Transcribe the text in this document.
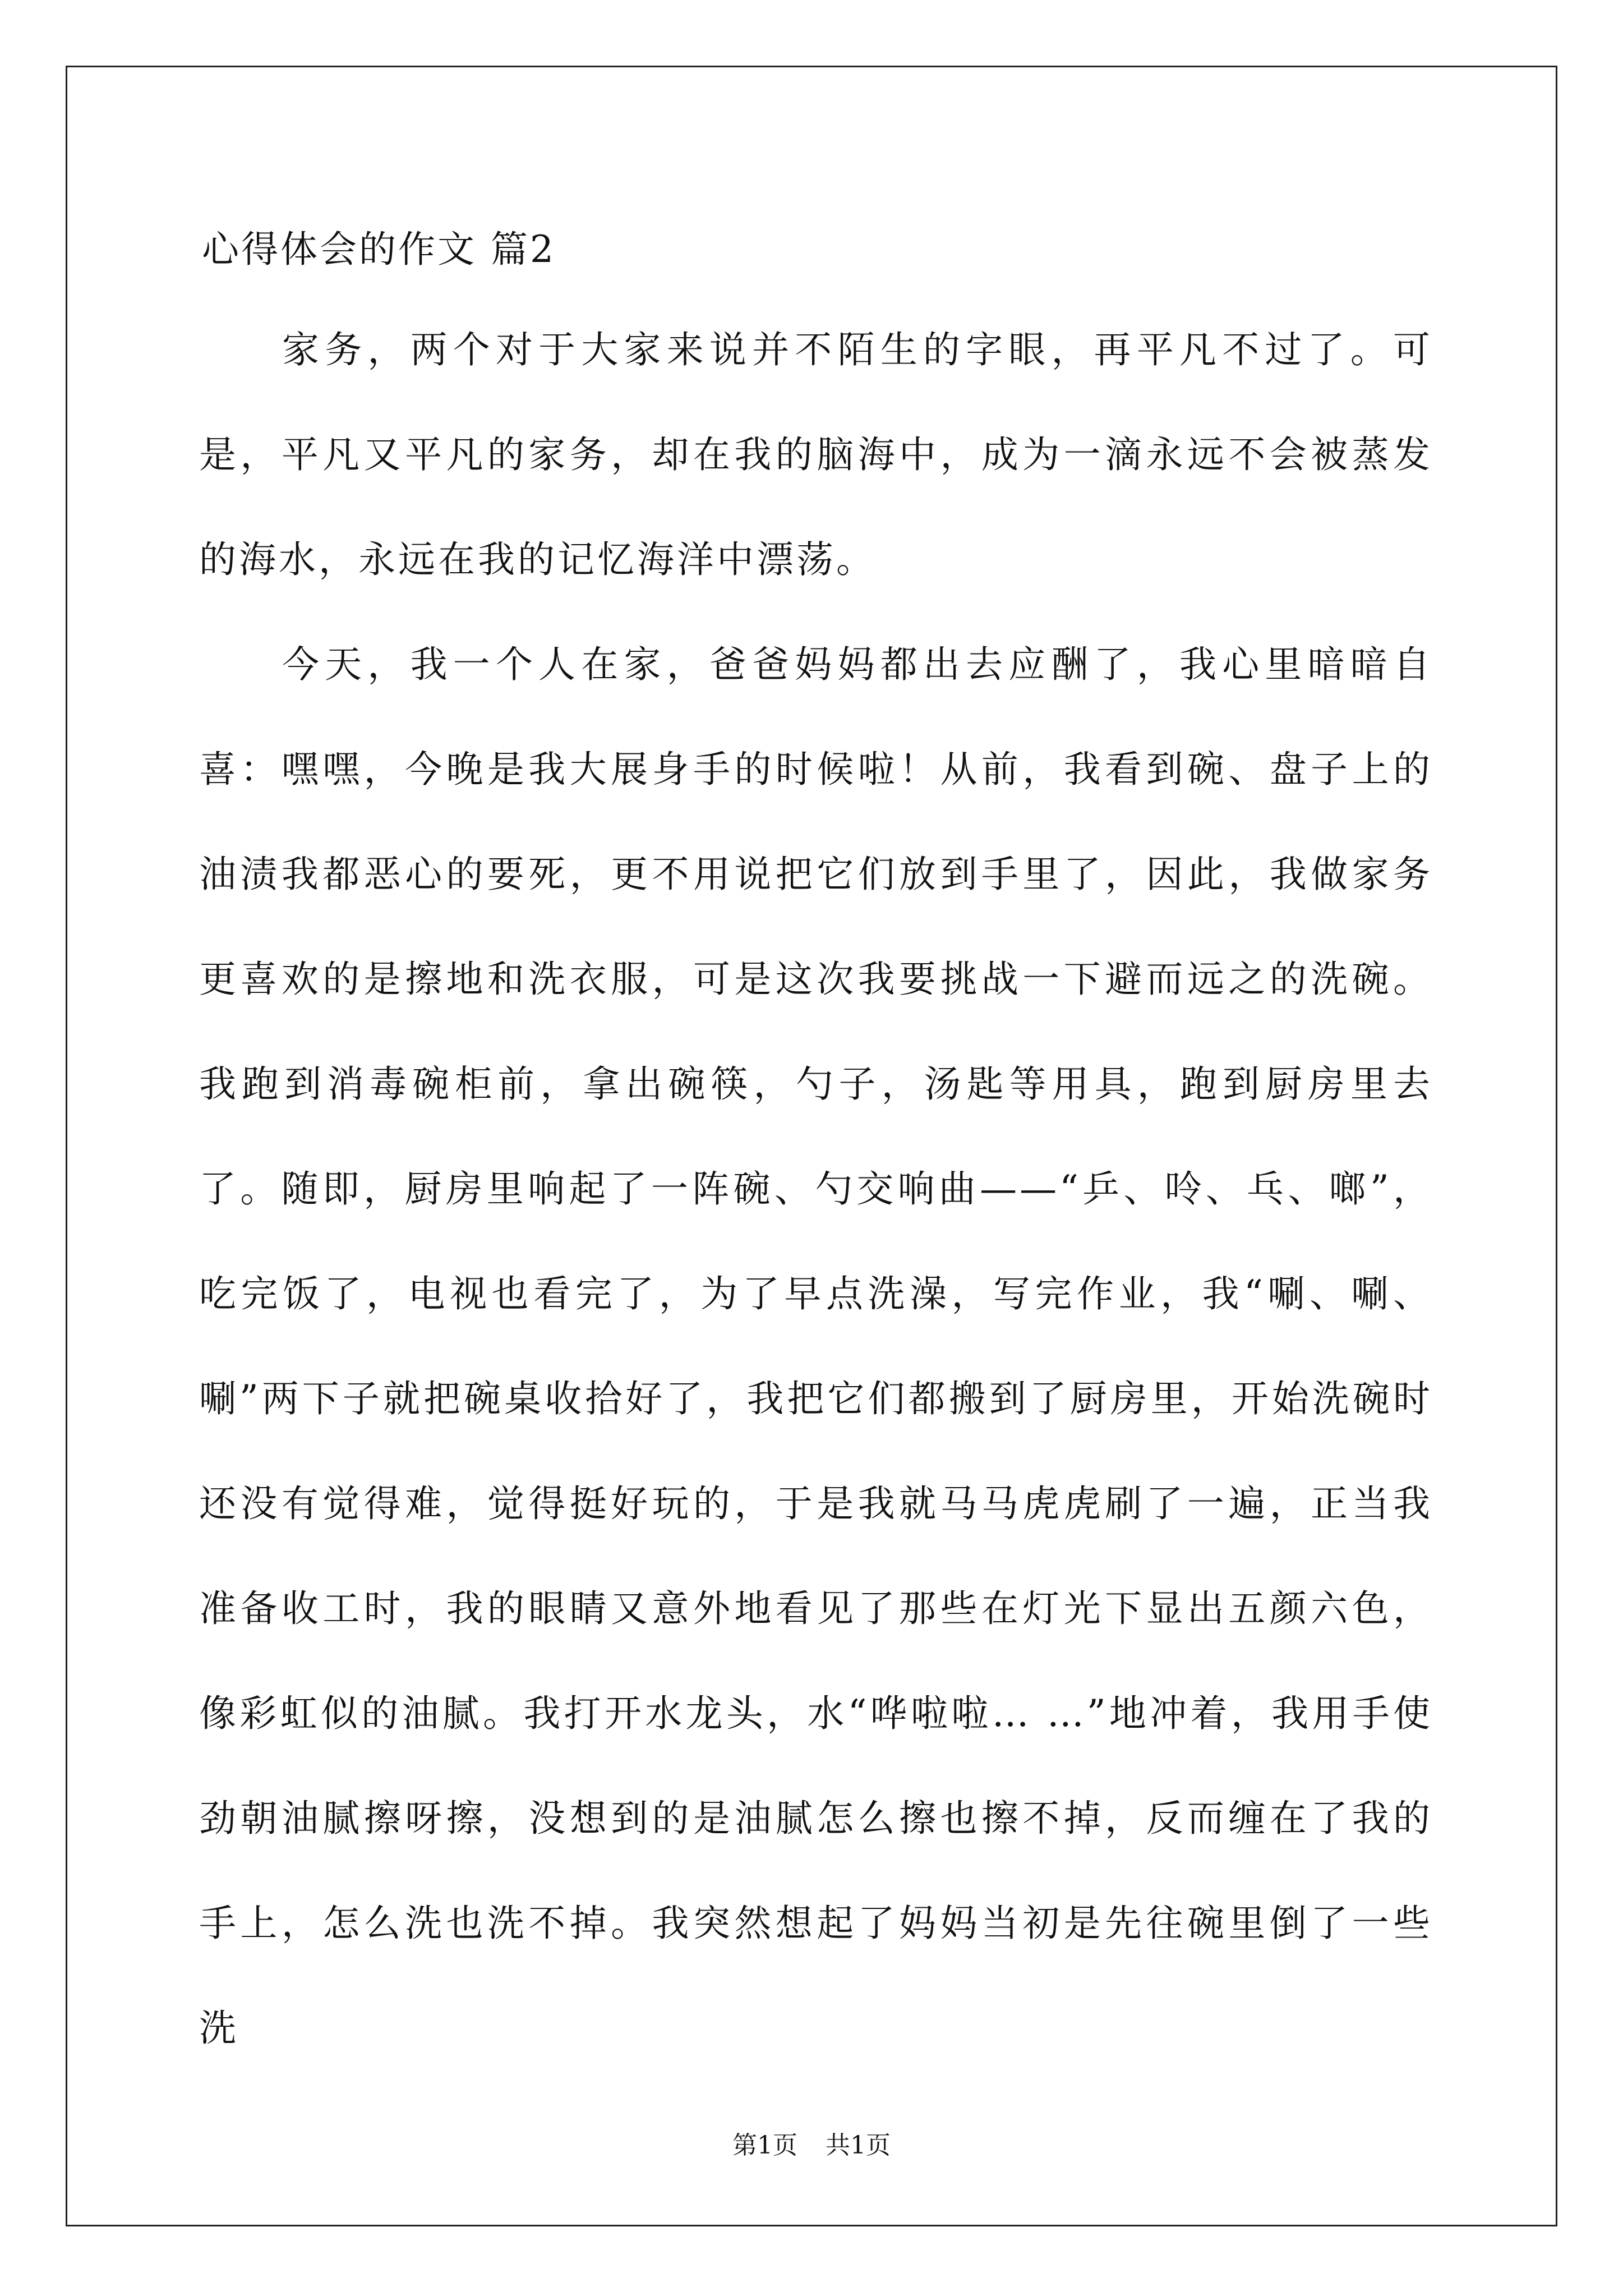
心得体会的作文 篇2

家务，两个对于大家来说并不陌生的字眼，再平凡不过了。可是，平凡又平凡的家务，却在我的脑海中，成为一滴永远不会被蒸发的海水，永远在我的记忆海洋中漂荡。

今天，我一个人在家，爸爸妈妈都出去应酬了，我心里暗暗自喜：嘿嘿，今晚是我大展身手的时候啦！从前，我看到碗、盘子上的油渍我都恶心的要死，更不用说把它们放到手里了，因此，我做家务更喜欢的是擦地和洗衣服，可是这次我要挑战一下避而远之的洗碗。我跑到消毒碗柜前，拿出碗筷，勺子，汤匙等用具，跑到厨房里去了。随即，厨房里响起了一阵碗、勺交响曲——“乒、呤、乓、啷”，吃完饭了，电视也看完了，为了早点洗澡，写完作业，我“唰、唰、唰”两下子就把碗桌收拾好了，我把它们都搬到了厨房里，开始洗碗时还没有觉得难，觉得挺好玩的，于是我就马马虎虎刷了一遍，正当我准备收工时，我的眼睛又意外地看见了那些在灯光下显出五颜六色，像彩虹似的油腻。我打开水龙头，水“哗啦啦… …”地冲着，我用手使劲朝油腻擦呀擦，没想到的是油腻怎么擦也擦不掉，反而缠在了我的手上，怎么洗也洗不掉。我突然想起了妈妈当初是先往碗里倒了一些洗

第1页 共1页
